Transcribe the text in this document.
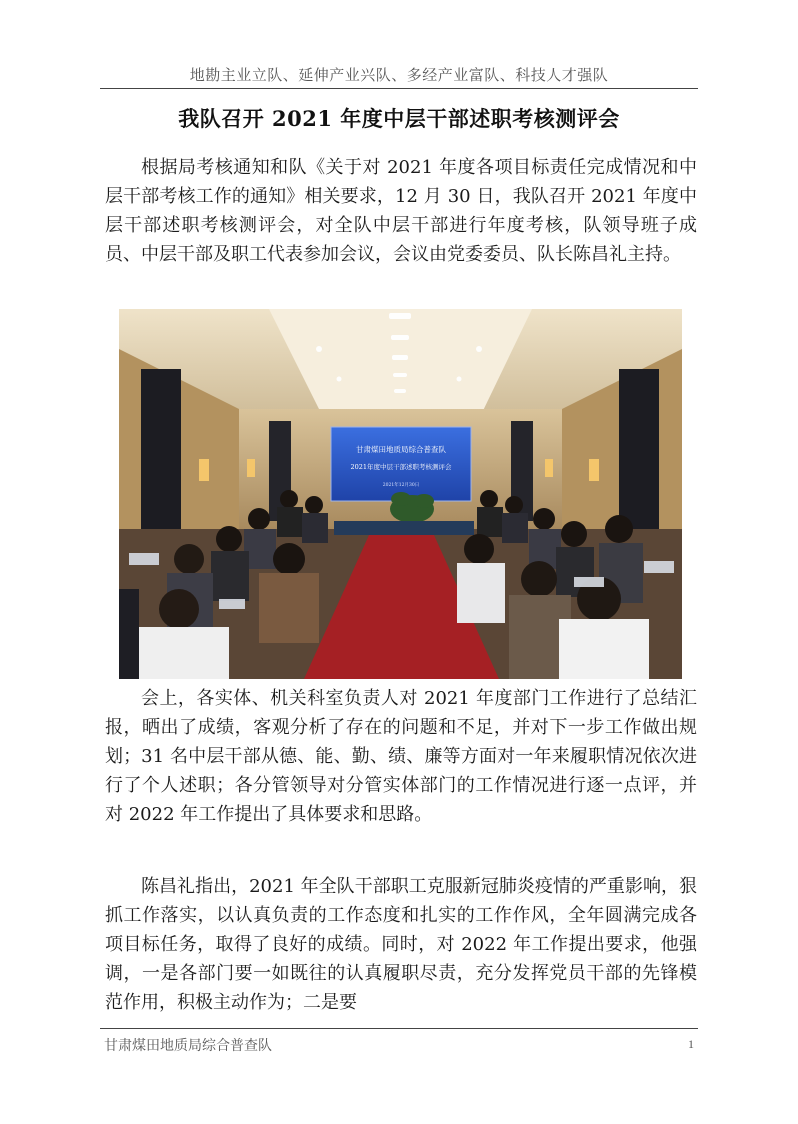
地勘主业立队、延伸产业兴队、多经产业富队、科技人才强队
我队召开 2021 年度中层干部述职考核测评会

根据局考核通知和队《关于对 2021 年度各项目标责任完成情况和中层干部考核工作的通知》相关要求，12 月 30 日，我队召开 2021 年度中层干部述职考核测评会，对全队中层干部进行年度考核，队领导班子成员、中层干部及职工代表参加会议，会议由党委委员、队长陈昌礼主持。

甘肃煤田地质局综合普查队
2021年度中层干部述职考核测评会
2021年12月30日

会上，各实体、机关科室负责人对 2021 年度部门工作进行了总结汇报，晒出了成绩，客观分析了存在的问题和不足，并对下一步工作做出规划；31 名中层干部从德、能、勤、绩、廉等方面对一年来履职情况依次进行了个人述职；各分管领导对分管实体部门的工作情况进行逐一点评，并对 2022 年工作提出了具体要求和思路。

陈昌礼指出，2021 年全队干部职工克服新冠肺炎疫情的严重影响，狠抓工作落实，以认真负责的工作态度和扎实的工作作风，全年圆满完成各项目标任务，取得了良好的成绩。同时，对 2022 年工作提出要求，他强调，一是各部门要一如既往的认真履职尽责，充分发挥党员干部的先锋模范作用，积极主动作为；二是要

甘肃煤田地质局综合普查队	1
